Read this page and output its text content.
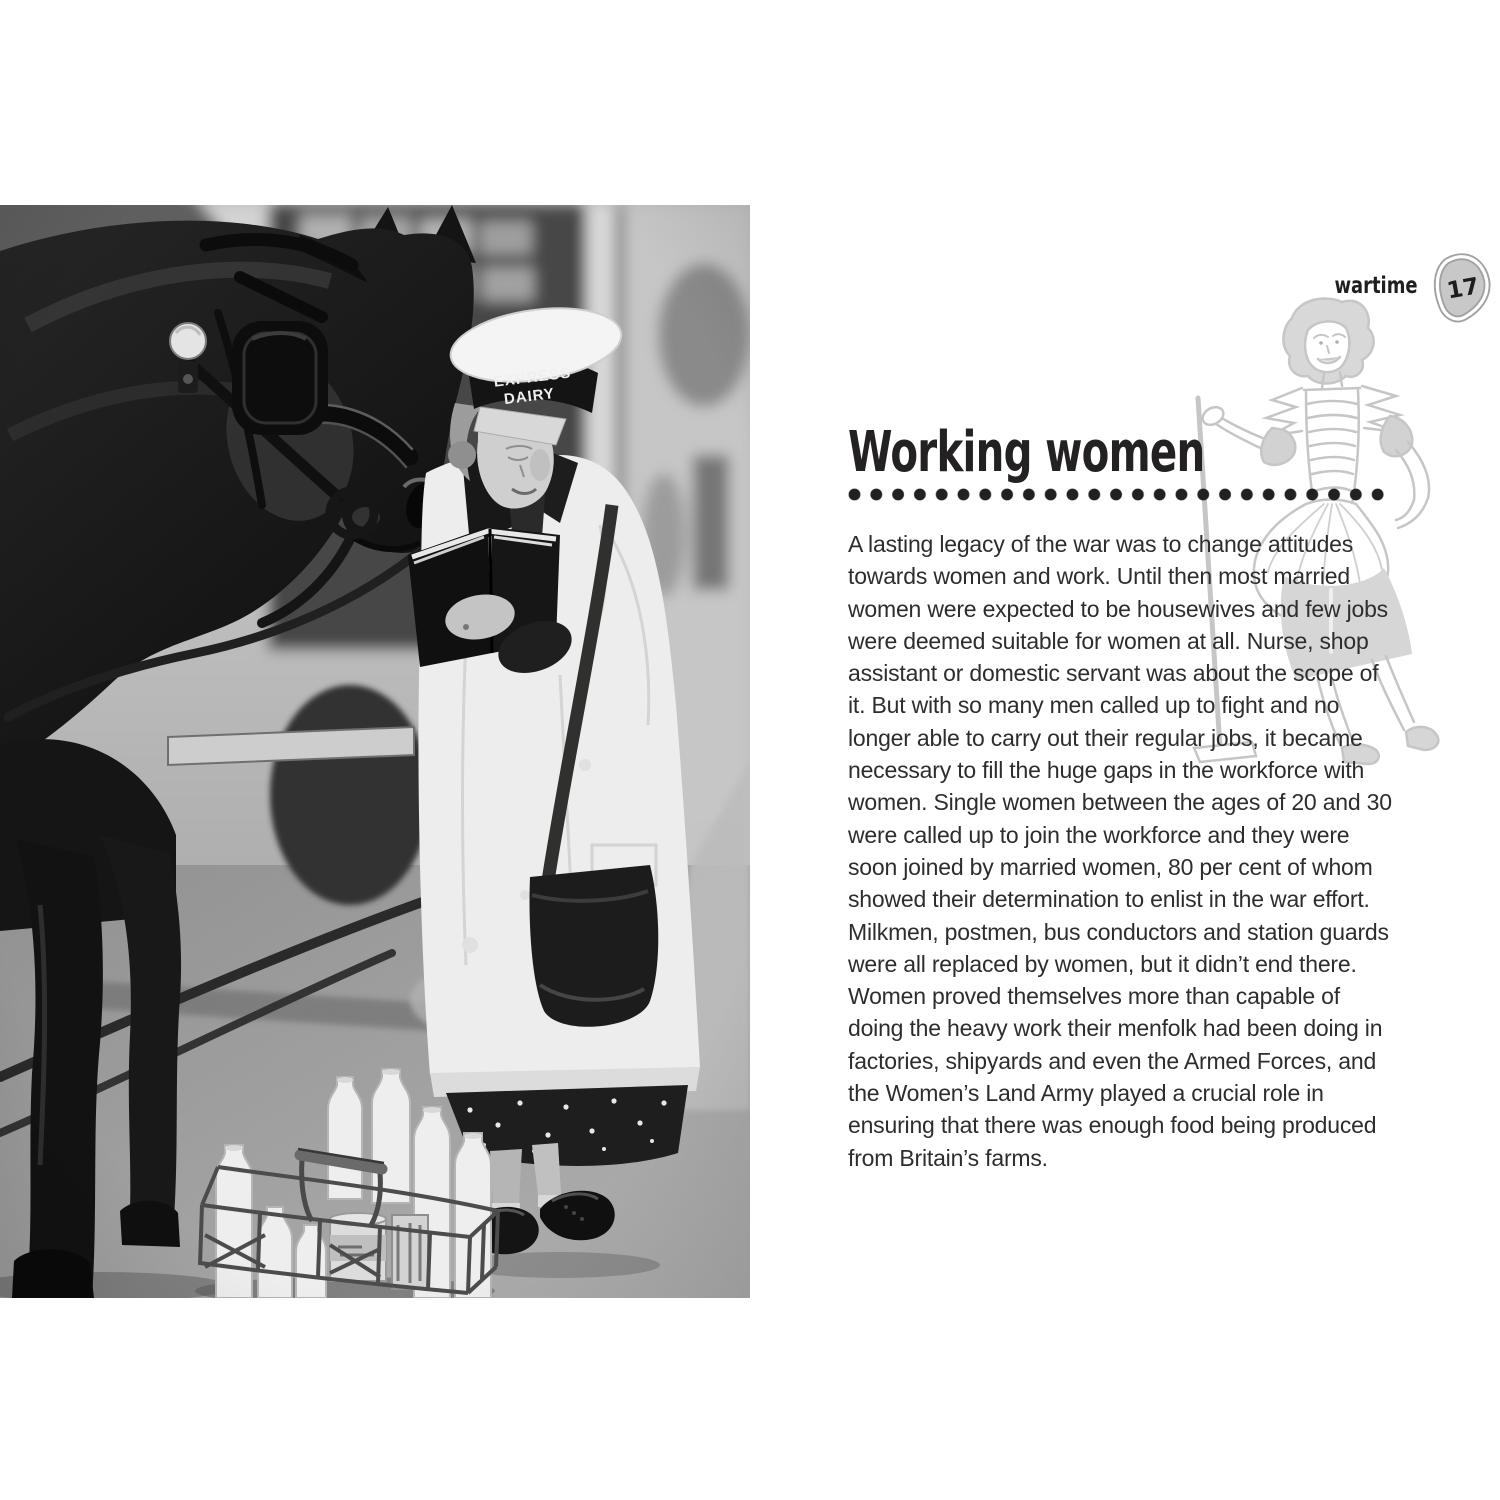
wartime 17
Working women

A lasting legacy of the war was to change attitudes towards women and work. Until then most married women were expected to be housewives and few jobs were deemed suitable for women at all. Nurse, shop assistant or domestic servant was about the scope of it. But with so many men called up to fight and no longer able to carry out their regular jobs, it became necessary to fill the huge gaps in the workforce with women. Single women between the ages of 20 and 30 were called up to join the workforce and they were soon joined by married women, 80 per cent of whom showed their determination to enlist in the war effort. Milkmen, postmen, bus conductors and station guards were all replaced by women, but it didn’t end there. Women proved themselves more than capable of doing the heavy work their menfolk had been doing in factories, shipyards and even the Armed Forces, and the Women’s Land Army played a crucial role in ensuring that there was enough food being produced from Britain’s farms.
